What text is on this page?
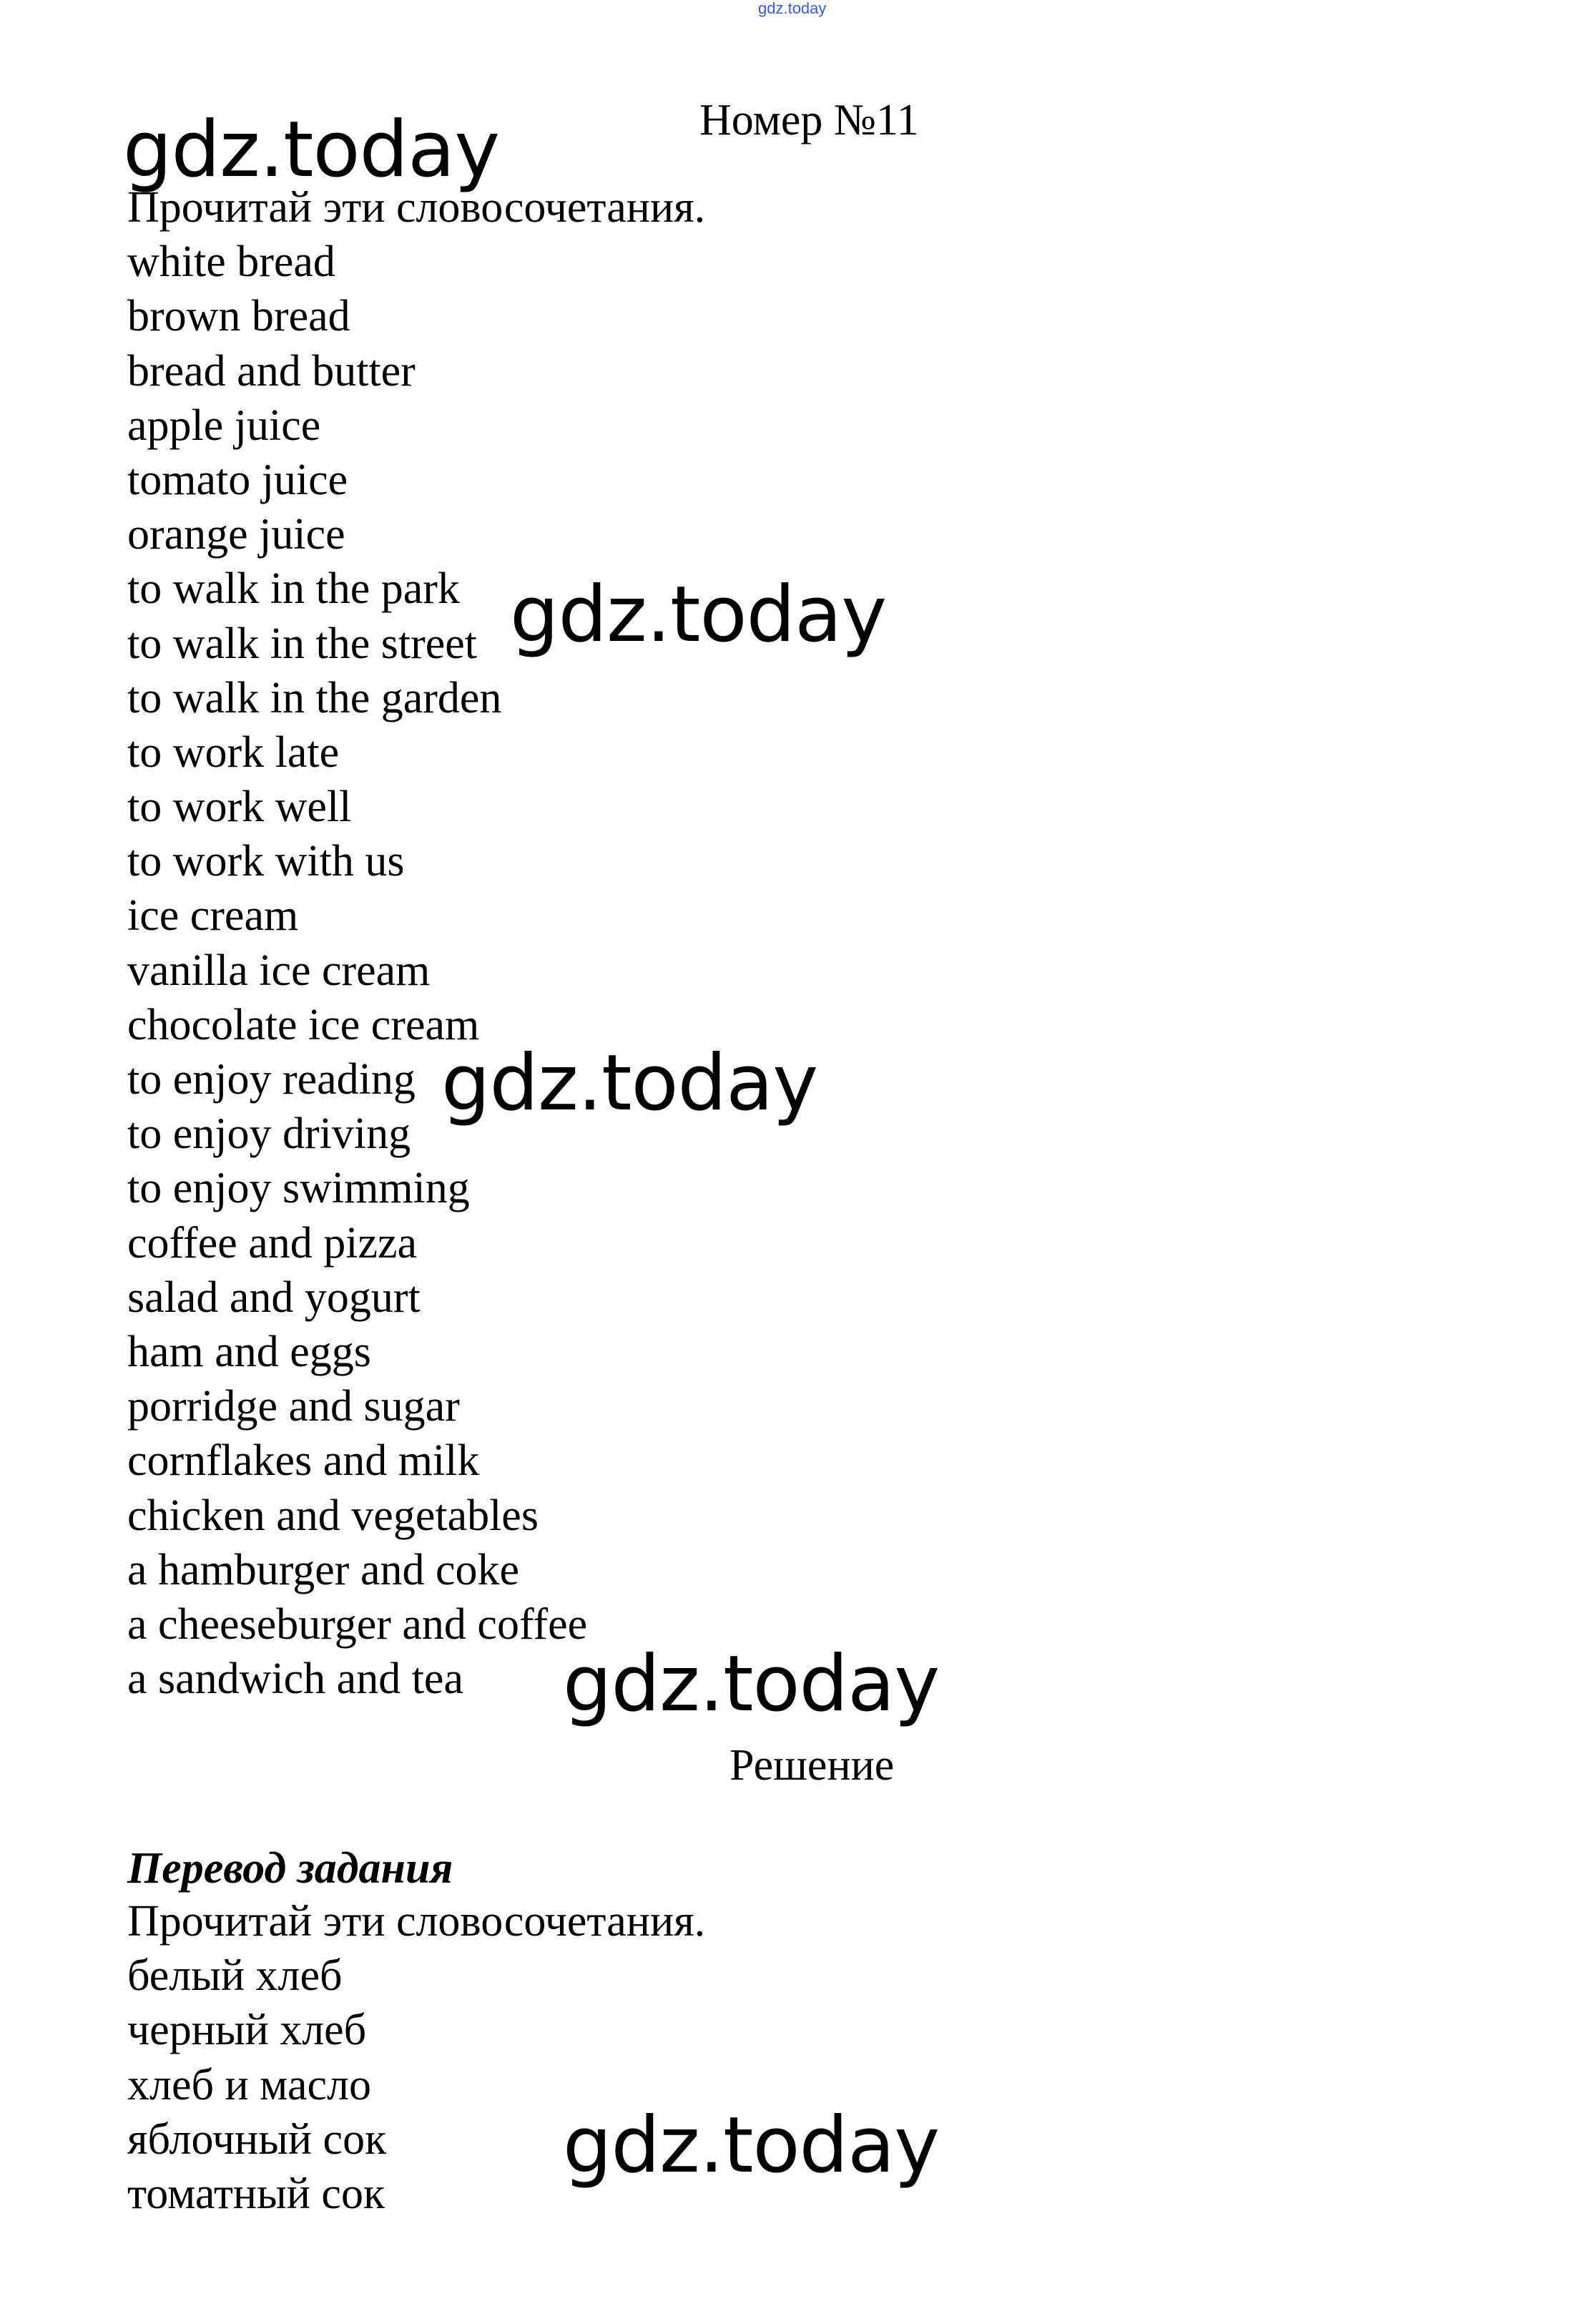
gdz.today
Номер №11
gdz.today
gdz.today
gdz.today
gdz.today
gdz.today
Прочитай эти словосочетания.
white bread
brown bread
bread and butter
apple juice
tomato juice
orange juice
to walk in the park
to walk in the street
to walk in the garden
to work late
to work well
to work with us
ice cream
vanilla ice cream
chocolate ice cream
to enjoy reading
to enjoy driving
to enjoy swimming
coffee and pizza
salad and yogurt
ham and eggs
porridge and sugar
cornflakes and milk
chicken and vegetables
a hamburger and coke
a cheeseburger and coffee
a sandwich and tea
Решение
Перевод задания
Прочитай эти словосочетания.
белый хлеб
черный хлеб
хлеб и масло
яблочный сок
томатный сок
